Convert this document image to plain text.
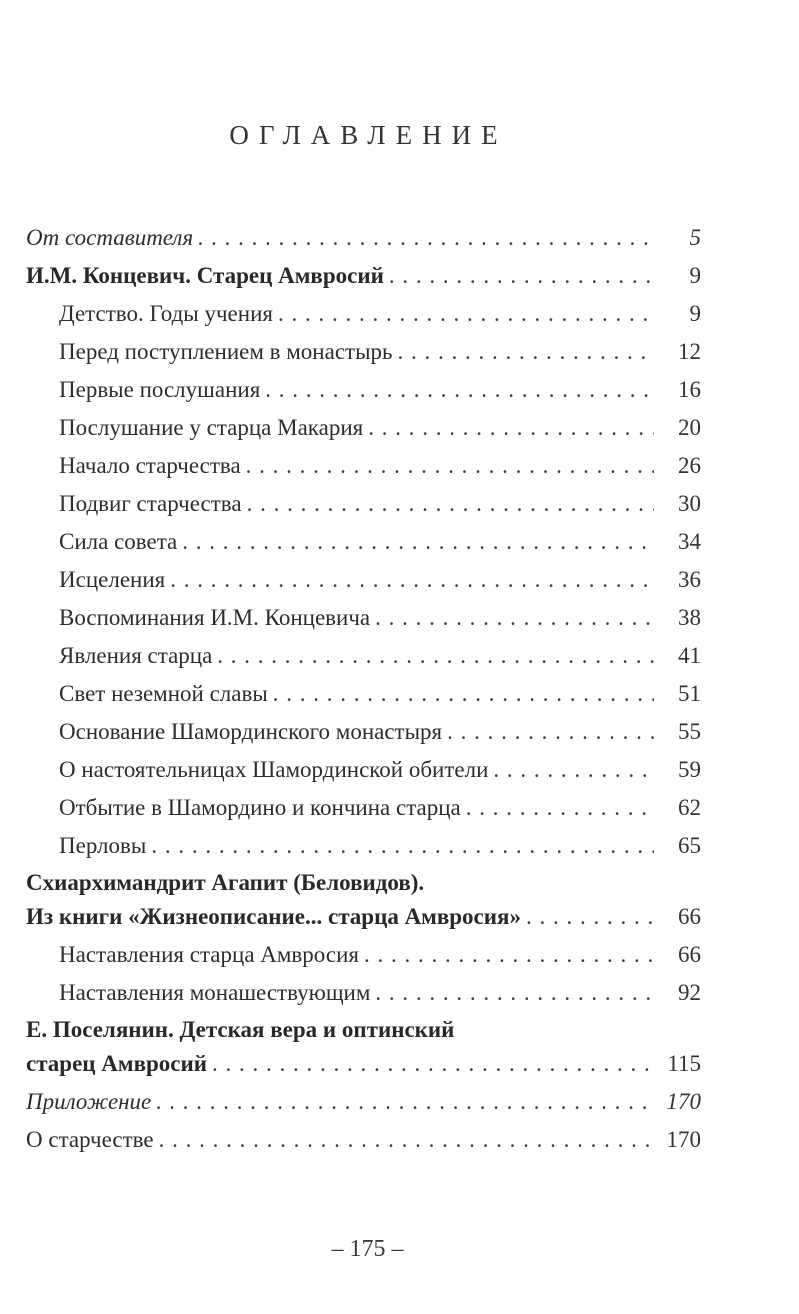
ОГЛАВЛЕНИЕ
От составителя . . .	5
И.М. Концевич. Старец Амвросий . . .	9
Детство. Годы учения . . .	9
Перед поступлением в монастырь . . .	12
Первые послушания . . .	16
Послушание у старца Макария . . .	20
Начало старчества . . .	26
Подвиг старчества . . .	30
Сила совета . . .	34
Исцеления . . .	36
Воспоминания И.М. Концевича . . .	38
Явления старца . . .	41
Свет неземной славы . . .	51
Основание Шамординского монастыря . . .	55
О настоятельницах Шамординской обители . . .	59
Отбытие в Шамордино и кончина старца . . .	62
Перловы . . .	65
Схиархимандрит Агапит (Беловидов).
Из книги «Жизнеописание... старца Амвросия» . . .	66
Наставления старца Амвросия . . .	66
Наставления монашествующим . . .	92
Е. Поселянин. Детская вера и оптинский
старец Амвросий . . .	115
Приложение . . .	170
О старчестве . . .	170
– 175 –
